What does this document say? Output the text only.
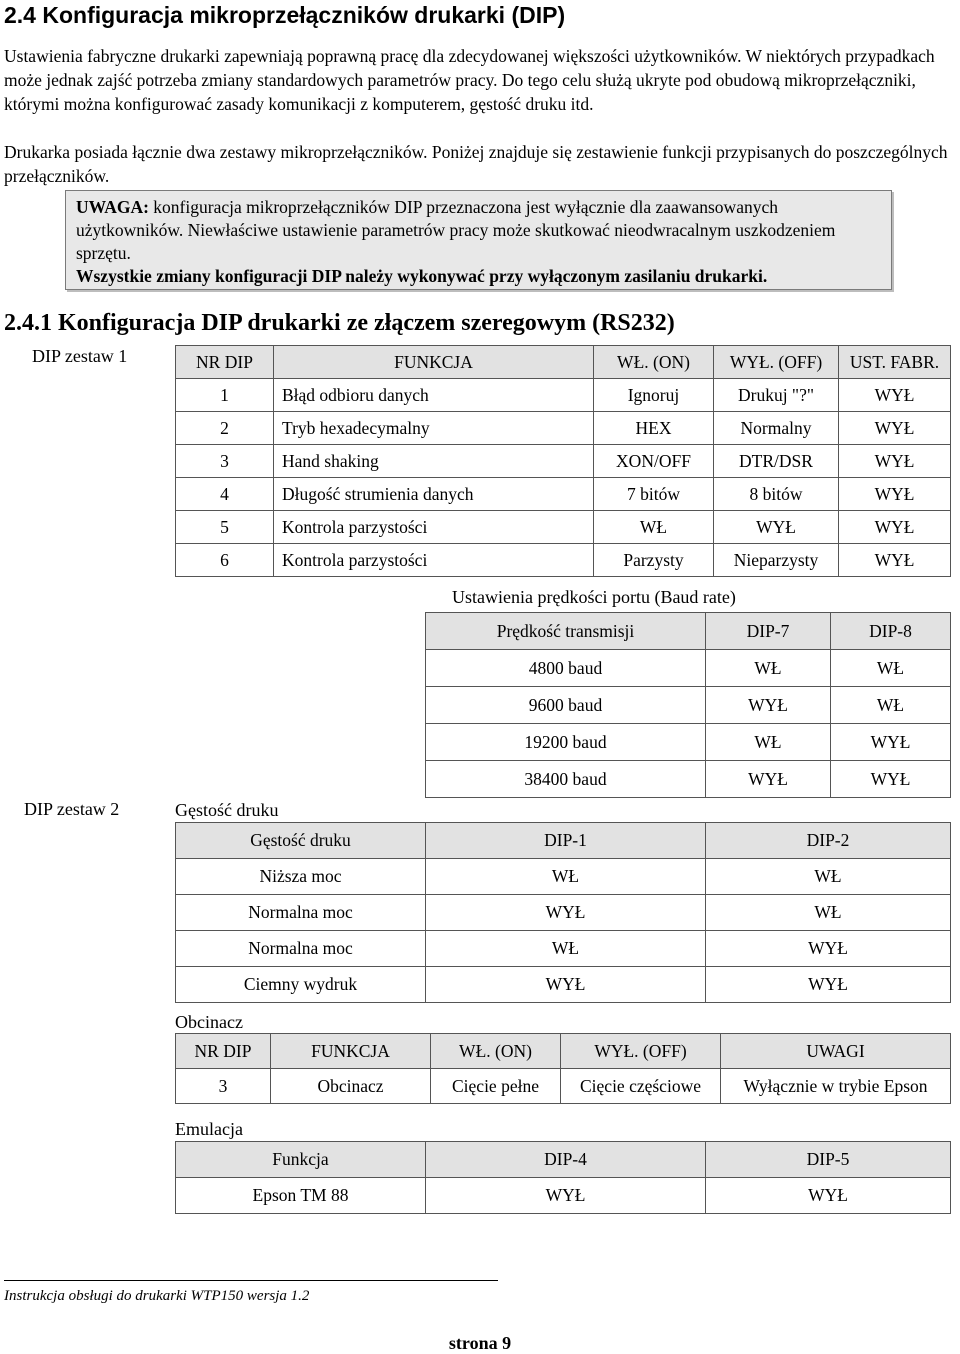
2.4 Konfiguracja mikroprzełączników drukarki (DIP)
Ustawienia fabryczne drukarki zapewniają poprawną pracę dla zdecydowanej większości użytkowników. W niektórych przypadkach może jednak zajść potrzeba zmiany standardowych parametrów pracy. Do tego celu służą ukryte pod obudową mikroprzełączniki, którymi można konfigurować zasady komunikacji z komputerem, gęstość druku itd.
Drukarka posiada łącznie dwa zestawy mikroprzełączników. Poniżej znajduje się zestawienie funkcji przypisanych do poszczególnych przełączników.
UWAGA: konfiguracja mikroprzełączników DIP przeznaczona jest wyłącznie dla zaawansowanych użytkowników. Niewłaściwe ustawienie parametrów pracy może skutkować nieodwracalnym uszkodzeniem sprzętu.
Wszystkie zmiany konfiguracji DIP należy wykonywać przy wyłączonym zasilaniu drukarki.
2.4.1 Konfiguracja DIP drukarki ze złączem szeregowym (RS232)
DIP zestaw 1	NR DIP	FUNKCJA	WŁ. (ON)	WYŁ. (OFF)	UST. FABR.
1	Błąd odbioru danych	Ignoruj	Drukuj "?"	WYŁ
2	Tryb hexadecymalny	HEX	Normalny	WYŁ
3	Hand shaking	XON/OFF	DTR/DSR	WYŁ
4	Długość strumienia danych	7 bitów	8 bitów	WYŁ
5	Kontrola parzystości	WŁ	WYŁ	WYŁ
6	Kontrola parzystości	Parzysty	Nieparzysty	WYŁ
Ustawienia prędkości portu (Baud rate)
Prędkość transmisji	DIP-7	DIP-8
4800 baud	WŁ	WŁ
9600 baud	WYŁ	WŁ
19200 baud	WŁ	WYŁ
38400 baud	WYŁ	WYŁ
DIP zestaw 2	Gęstość druku
Gęstość druku	DIP-1	DIP-2
Niższa moc	WŁ	WŁ
Normalna moc	WYŁ	WŁ
Normalna moc	WŁ	WYŁ
Ciemny wydruk	WYŁ	WYŁ
Obcinacz
NR DIP	FUNKCJA	WŁ. (ON)	WYŁ. (OFF)	UWAGI
3	Obcinacz	Cięcie pełne	Cięcie częściowe	Wyłącznie w trybie Epson
Emulacja
Funkcja	DIP-4	DIP-5
Epson TM 88	WYŁ	WYŁ
Instrukcja obsługi do drukarki WTP150 wersja 1.2
strona 9
